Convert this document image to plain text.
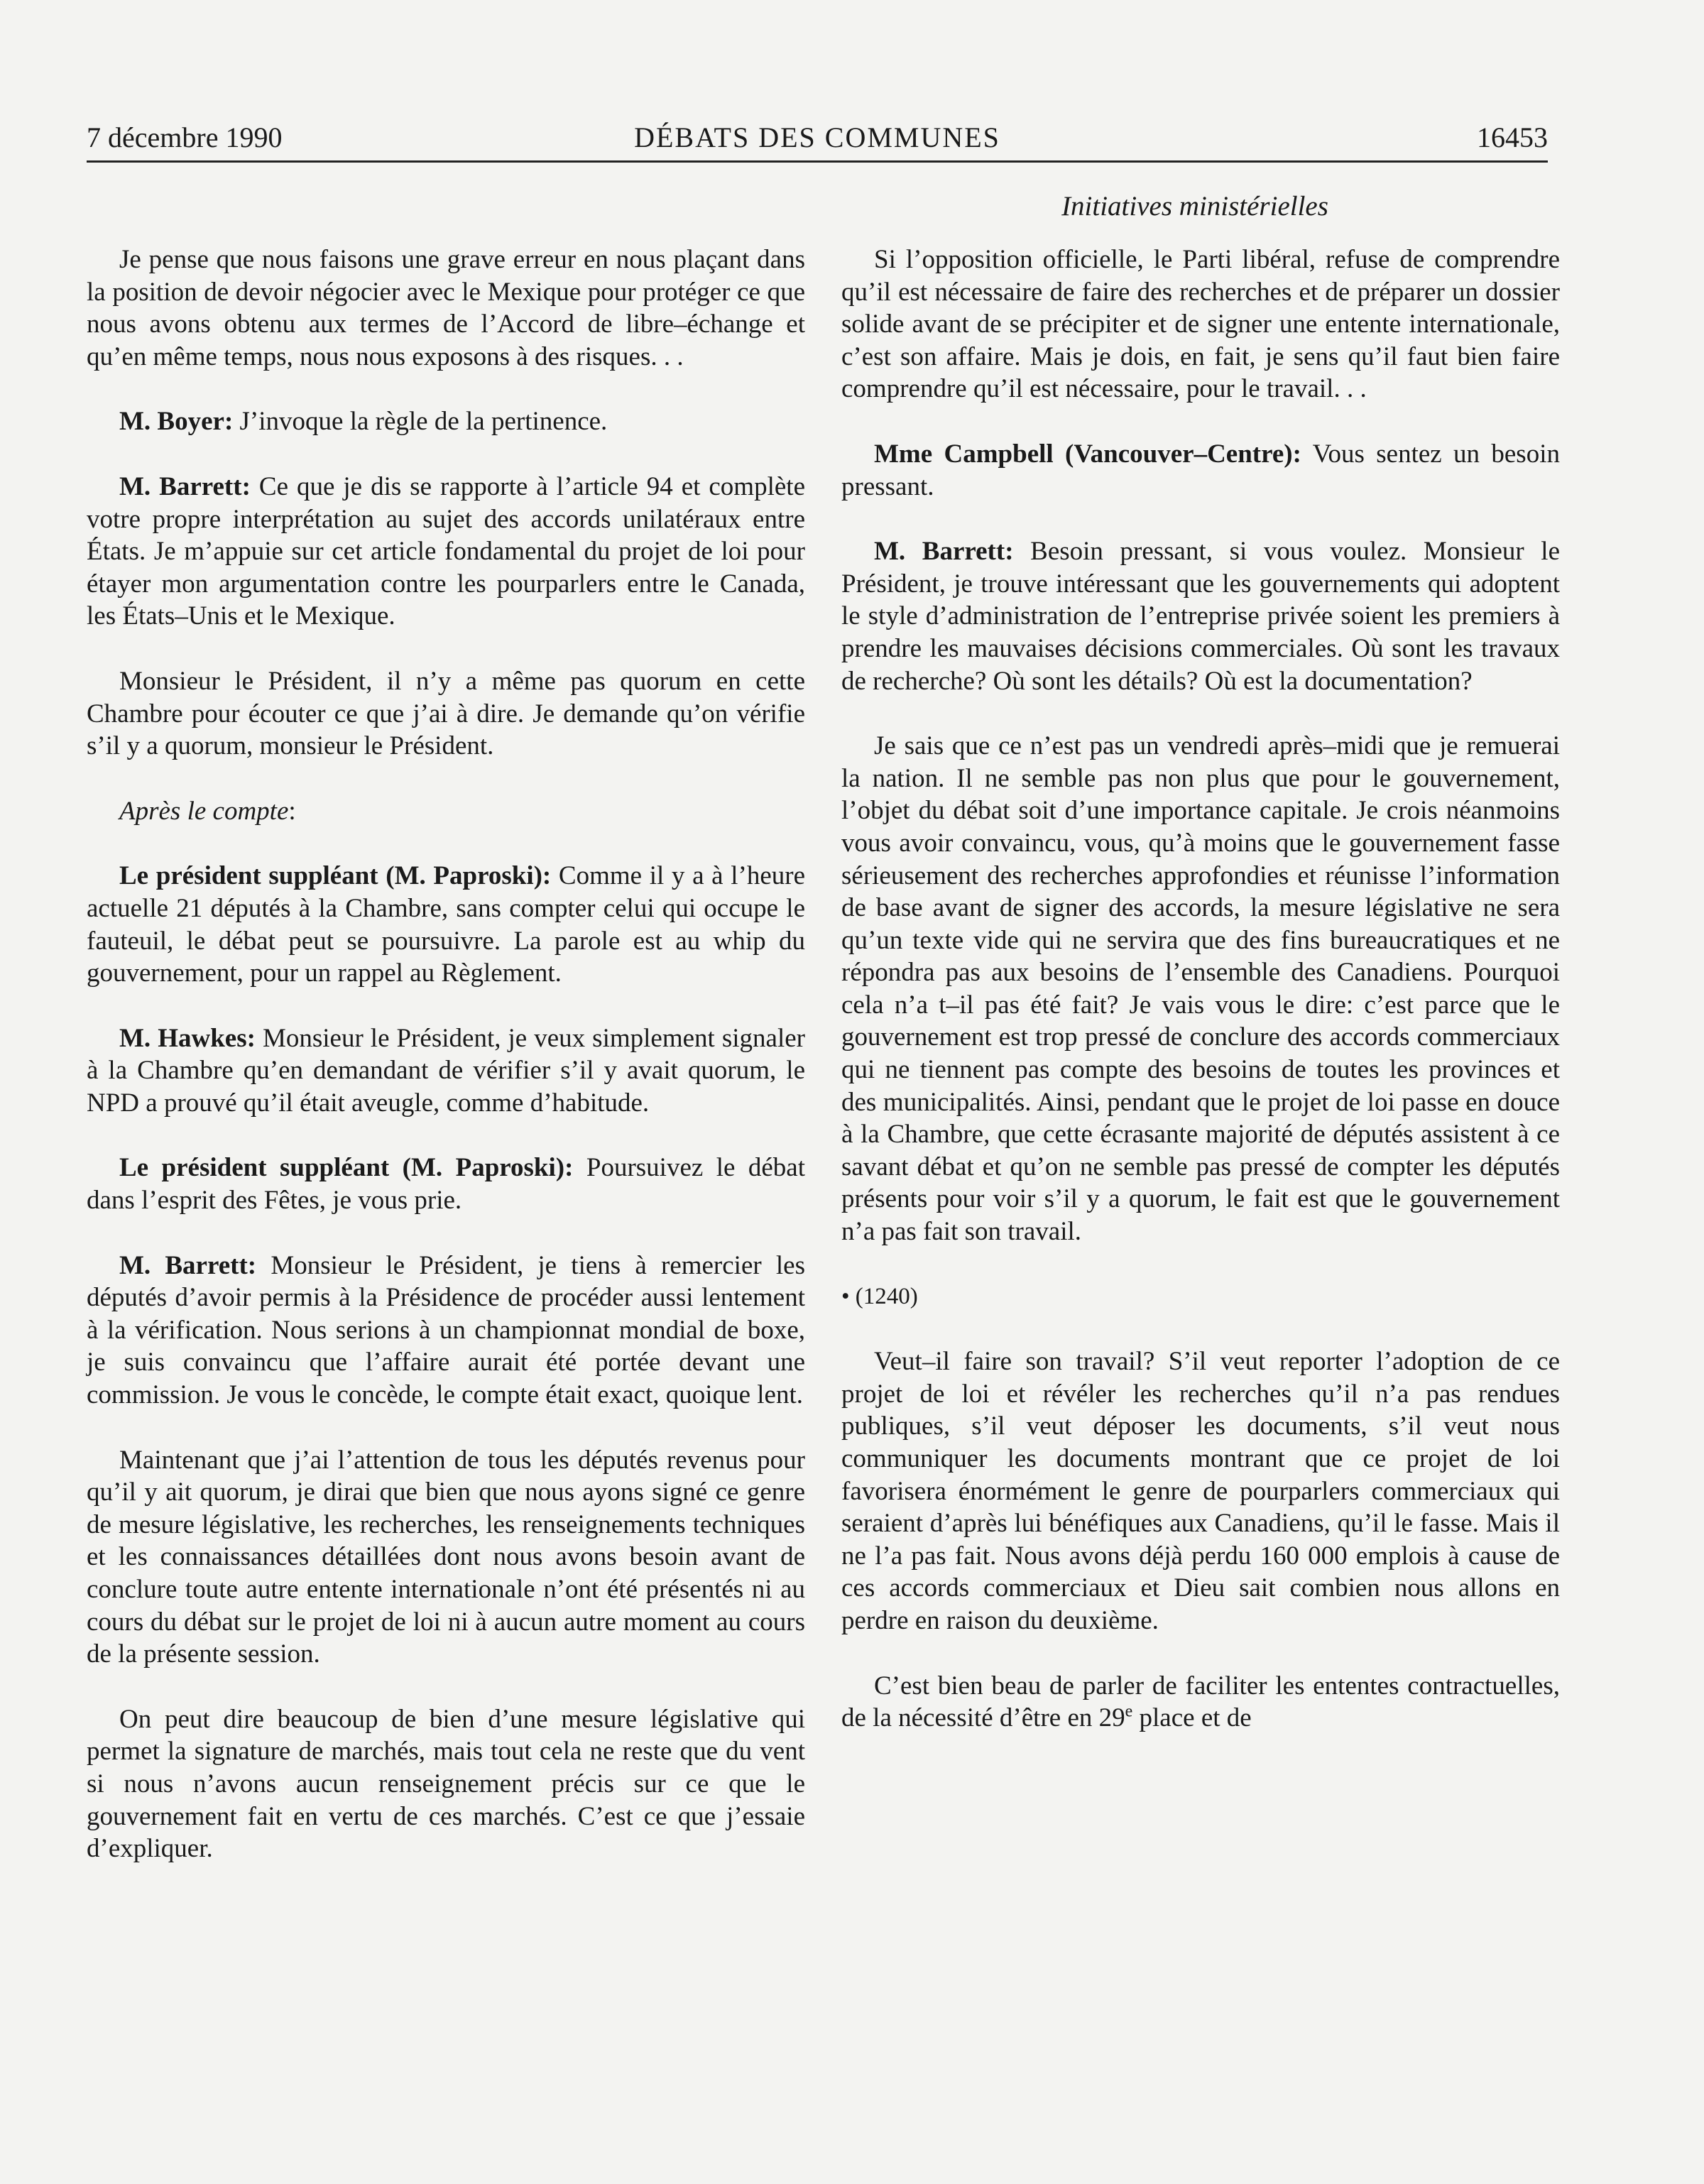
DÉBATS DES COMMUNES
7 décembre 1990	16453
Initiatives ministérielles

Je pense que nous faisons une grave erreur en nous plaçant dans la position de devoir négocier avec le Mexique pour protéger ce que nous avons obtenu aux termes de l’Accord de libre–échange et qu’en même temps, nous nous exposons à des risques. . .

M. Boyer: J’invoque la règle de la pertinence.

M. Barrett: Ce que je dis se rapporte à l’article 94 et complète votre propre interprétation au sujet des accords unilatéraux entre États. Je m’appuie sur cet article fondamental du projet de loi pour étayer mon argumentation contre les pourparlers entre le Canada, les États–Unis et le Mexique.

Monsieur le Président, il n’y a même pas quorum en cette Chambre pour écouter ce que j’ai à dire. Je demande qu’on vérifie s’il y a quorum, monsieur le Président.

Après le compte:

Le président suppléant (M. Paproski): Comme il y a à l’heure actuelle 21 députés à la Chambre, sans compter celui qui occupe le fauteuil, le débat peut se poursuivre. La parole est au whip du gouvernement, pour un rappel au Règlement.

M. Hawkes: Monsieur le Président, je veux simplement signaler à la Chambre qu’en demandant de vérifier s’il y avait quorum, le NPD a prouvé qu’il était aveugle, comme d’habitude.

Le président suppléant (M. Paproski): Poursuivez le débat dans l’esprit des Fêtes, je vous prie.

M. Barrett: Monsieur le Président, je tiens à remercier les députés d’avoir permis à la Présidence de procéder aussi lentement à la vérification. Nous serions à un championnat mondial de boxe, je suis convaincu que l’affaire aurait été portée devant une commission. Je vous le concède, le compte était exact, quoique lent.

Maintenant que j’ai l’attention de tous les députés revenus pour qu’il y ait quorum, je dirai que bien que nous ayons signé ce genre de mesure législative, les recherches, les renseignements techniques et les connaissances détaillées dont nous avons besoin avant de conclure toute autre entente internationale n’ont été présentés ni au cours du débat sur le projet de loi ni à aucun autre moment au cours de la présente session.

On peut dire beaucoup de bien d’une mesure législative qui permet la signature de marchés, mais tout cela ne reste que du vent si nous n’avons aucun renseignement précis sur ce que le gouvernement fait en vertu de ces marchés. C’est ce que j’essaie d’expliquer.

Si l’opposition officielle, le Parti libéral, refuse de comprendre qu’il est nécessaire de faire des recherches et de préparer un dossier solide avant de se précipiter et de signer une entente internationale, c’est son affaire. Mais je dois, en fait, je sens qu’il faut bien faire comprendre qu’il est nécessaire, pour le travail. . .

Mme Campbell (Vancouver–Centre): Vous sentez un besoin pressant.

M. Barrett: Besoin pressant, si vous voulez. Monsieur le Président, je trouve intéressant que les gouvernements qui adoptent le style d’administration de l’entreprise privée soient les premiers à prendre les mauvaises décisions commerciales. Où sont les travaux de recherche? Où sont les détails? Où est la documentation?

Je sais que ce n’est pas un vendredi après–midi que je remuerai la nation. Il ne semble pas non plus que pour le gouvernement, l’objet du débat soit d’une importance capitale. Je crois néanmoins vous avoir convaincu, vous, qu’à moins que le gouvernement fasse sérieusement des recherches approfondies et réunisse l’information de base avant de signer des accords, la mesure législative ne sera qu’un texte vide qui ne servira que des fins bureaucratiques et ne répondra pas aux besoins de l’ensemble des Canadiens. Pourquoi cela n’a t–il pas été fait? Je vais vous le dire: c’est parce que le gouvernement est trop pressé de conclure des accords commerciaux qui ne tiennent pas compte des besoins de toutes les provinces et des municipalités. Ainsi, pendant que le projet de loi passe en douce à la Chambre, que cette écrasante majorité de députés assistent à ce savant débat et qu’on ne semble pas pressé de compter les députés présents pour voir s’il y a quorum, le fait est que le gouvernement n’a pas fait son travail.

• (1240)

Veut–il faire son travail? S’il veut reporter l’adoption de ce projet de loi et révéler les recherches qu’il n’a pas rendues publiques, s’il veut déposer les documents, s’il veut nous communiquer les documents montrant que ce projet de loi favorisera énormément le genre de pourparlers commerciaux qui seraient d’après lui bénéfiques aux Canadiens, qu’il le fasse. Mais il ne l’a pas fait. Nous avons déjà perdu 160 000 emplois à cause de ces accords commerciaux et Dieu sait combien nous allons en perdre en raison du deuxième.

C’est bien beau de parler de faciliter les ententes contractuelles, de la nécessité d’être en 29e place et de
